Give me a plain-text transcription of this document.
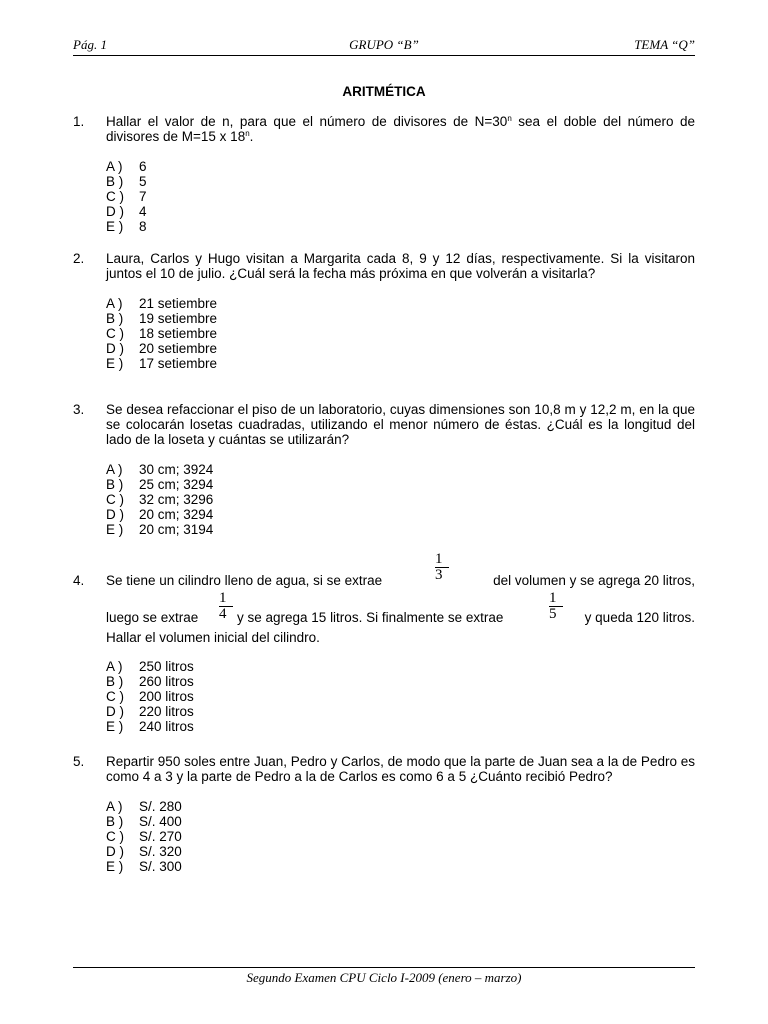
Pág. 1	GRUPO “B”	TEMA “Q”
ARITMÉTICA
1. Hallar el valor de n, para que el número de divisores de $N=30^n$ sea el doble del número de divisores de M=15 x 18$^n$.
A ) 6
B ) 5
C ) 7
D ) 4
E ) 8
2. Laura, Carlos y Hugo visitan a Margarita cada 8, 9 y 12 días, respectivamente. Si la visitaron juntos el 10 de julio. ¿Cuál será la fecha más próxima en que volverán a visitarla?
A ) 21 setiembre
B ) 19 setiembre
C ) 18 setiembre
D ) 20 setiembre
E ) 17 setiembre
3. Se desea refaccionar el piso de un laboratorio, cuyas dimensiones son 10,8 m y 12,2 m, en la que se colocarán losetas cuadradas, utilizando el menor número de éstas. ¿Cuál es la longitud del lado de la loseta y cuántas se utilizarán?
A ) 30 cm; 3924
B ) 25 cm; 3294
C ) 32 cm; 3296
D ) 20 cm; 3294
E ) 20 cm; 3194
4. Se tiene un cilindro lleno de agua, si se extrae	$\frac{1}{3}$	del volumen y se agrega 20 litros,
luego se extrae $\frac{1}{4}$ y se agrega 15 litros. Si finalmente se extrae	$\frac{1}{5}$ y queda 120 litros.
Hallar el volumen inicial del cilindro.
A ) 250 litros
B ) 260 litros
C ) 200 litros
D ) 220 litros
E ) 240 litros
5. Repartir 950 soles entre Juan, Pedro y Carlos, de modo que la parte de Juan sea a la de Pedro es como 4 a 3 y la parte de Pedro a la de Carlos es como 6 a 5 ¿Cuánto recibió Pedro?
A ) S/. 280
B ) S/. 400
C ) S/. 270
D ) S/. 320
E ) S/. 300
Segundo Examen CPU Ciclo I-2009 (enero – marzo)
